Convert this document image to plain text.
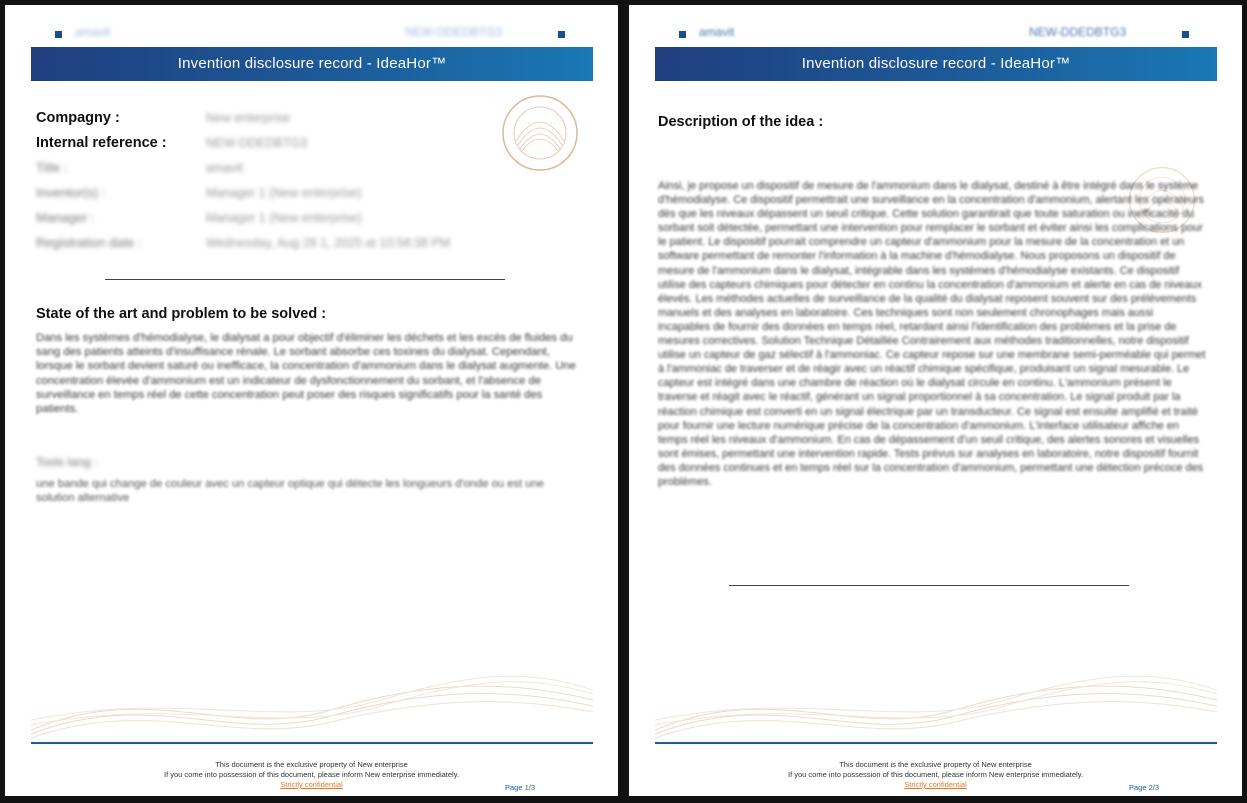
amavit	NEW-DDEDBTG3
Invention disclosure record - IdeaHor™
Compagny :	New enterprise
Internal reference :	NEW-DDEDBTG3
Title :	amavit
Inventor(s) :	Manager 1 (New enterprise)
Manager :	Manager 1 (New enterprise)
Registration date :	Wednesday, Aug 28 1, 2025 at 10:58:38 PM
State of the art and problem to be solved :
Dans les systèmes d'hémodialyse, le dialysat a pour objectif d'éliminer les déchets et les excès de fluides du sang des patients atteints d'insuffisance rénale. Le sorbant absorbe ces toxines du dialysat. Cependant, lorsque le sorbant devient saturé ou inefficace, la concentration d'ammonium dans le dialysat augmente. Une concentration élevée d'ammonium est un indicateur de dysfonctionnement du sorbant, et l'absence de surveillance en temps réel de cette concentration peut poser des risques significatifs pour la santé des patients.
Tools tang :
une bande qui change de couleur avec un capteur optique qui détecte les longueurs d'onde ou est une solution alternative
This document is the exclusive property of New enterprise
If you come into possession of this document, please inform New enterprise immediately.
Strictly confidential	Page 1/3
amavit	NEW-DDEDBTG3
Invention disclosure record - IdeaHor™
Description of the idea :
Ainsi, je propose un dispositif de mesure de l'ammonium dans le dialysat, destiné à être intégré dans le système d'hémodialyse. Ce dispositif permettrait une surveillance en la concentration d'ammonium, alertant les opérateurs dès que les niveaux dépassent un seuil critique. Cette solution garantirait que toute saturation ou inefficacité du sorbant soit détectée, permettant une intervention pour remplacer le sorbant et éviter ainsi les complications pour le patient. Le dispositif pourrait comprendre un capteur d'ammonium pour la mesure de la concentration et un software permettant de remonter l'information à la machine d'hémodialyse. Nous proposons un dispositif de mesure de l'ammonium dans le dialysat, intégrable dans les systèmes d'hémodialyse existants. Ce dispositif utilise des capteurs chimiques pour détecter en continu la concentration d'ammonium et alerte en cas de niveaux élevés. Les méthodes actuelles de surveillance de la qualité du dialysat reposent souvent sur des prélèvements manuels et des analyses en laboratoire. Ces techniques sont non seulement chronophages mais aussi incapables de fournir des données en temps réel, retardant ainsi l'identification des problèmes et la prise de mesures correctives. Solution Technique Détaillée Contrairement aux méthodes traditionnelles, notre dispositif utilise un capteur de gaz sélectif à l'ammoniac. Ce capteur repose sur une membrane semi-perméable qui permet à l'ammoniac de traverser et de réagir avec un réactif chimique spécifique, produisant un signal mesurable. Le capteur est intégré dans une chambre de réaction où le dialysat circule en continu. L'ammonium présent le traverse et réagit avec le réactif, générant un signal proportionnel à sa concentration. Le signal produit par la réaction chimique est converti en un signal électrique par un transducteur. Ce signal est ensuite amplifié et traité pour fournir une lecture numérique précise de la concentration d'ammonium. L'interface utilisateur affiche en temps réel les niveaux d'ammonium. En cas de dépassement d'un seuil critique, des alertes sonores et visuelles sont émises, permettant une intervention rapide. Tests prévus sur analyses en laboratoire, notre dispositif fournit des données continues et en temps réel sur la concentration d'ammonium, permettant une détection précoce des problèmes.
This document is the exclusive property of New enterprise
If you come into possession of this document, please inform New enterprise immediately.
Strictly confidential	Page 2/3
